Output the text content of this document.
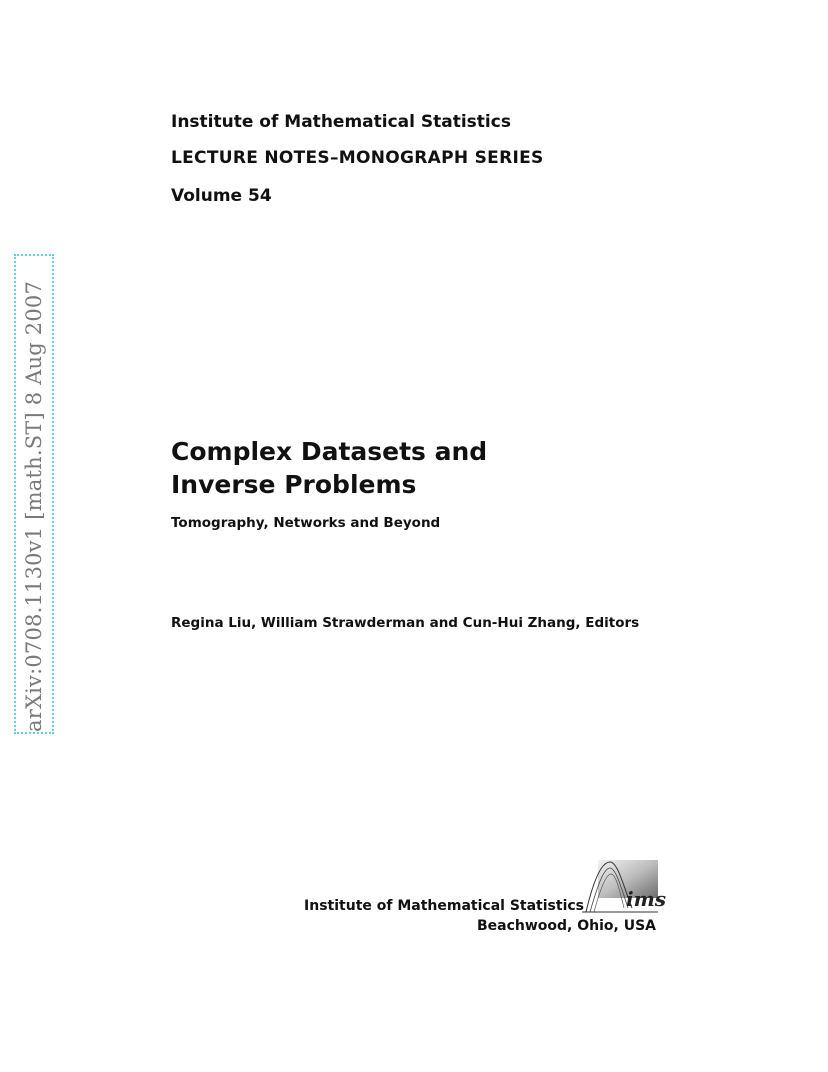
Institute of Mathematical Statistics

LECTURE NOTES–MONOGRAPH SERIES

Volume 54

arXiv:0708.1130v1 [math.ST] 8 Aug 2007	Complex Datasets and
Inverse Problems

Tomography, Networks and Beyond

Regina Liu, William Strawderman and Cun-Hui Zhang, Editors

Institute of Mathematical Statistics

Beachwood, Ohio, USA

ims
